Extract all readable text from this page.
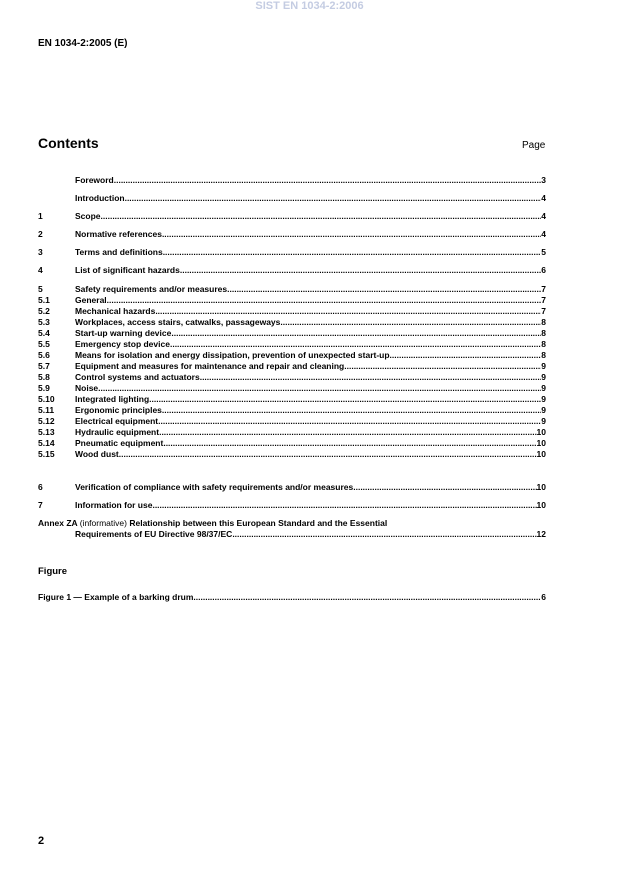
SIST EN 1034-2:2006
EN 1034-2:2005 (E)
Contents	Page
Foreword .....	3
Introduction .....	4
1	Scope .....	4
2	Normative references .....	4
3	Terms and definitions .....	5
4	List of significant hazards .....	6
5	Safety requirements and/or measures .....	7
5.1	General .....	7
5.2	Mechanical hazards .....	7
5.3	Workplaces, access stairs, catwalks, passageways .....	8
5.4	Start-up warning device .....	8
5.5	Emergency stop device .....	8
5.6	Means for isolation and energy dissipation, prevention of unexpected start-up .....	8
5.7	Equipment and measures for maintenance and repair and cleaning .....	9
5.8	Control systems and actuators .....	9
5.9	Noise .....	9
5.10	Integrated lighting .....	9
5.11	Ergonomic principles .....	9
5.12	Electrical equipment .....	9
5.13	Hydraulic equipment .....	10
5.14	Pneumatic equipment .....	10
5.15	Wood dust .....	10
6	Verification of compliance with safety requirements and/or measures .....	10
7	Information for use .....	10
Annex ZA (informative) Relationship between this European Standard and the Essential
Requirements of EU Directive 98/37/EC .....	12
Figure 1 — Example of a barking drum .....	6
Figure
2
